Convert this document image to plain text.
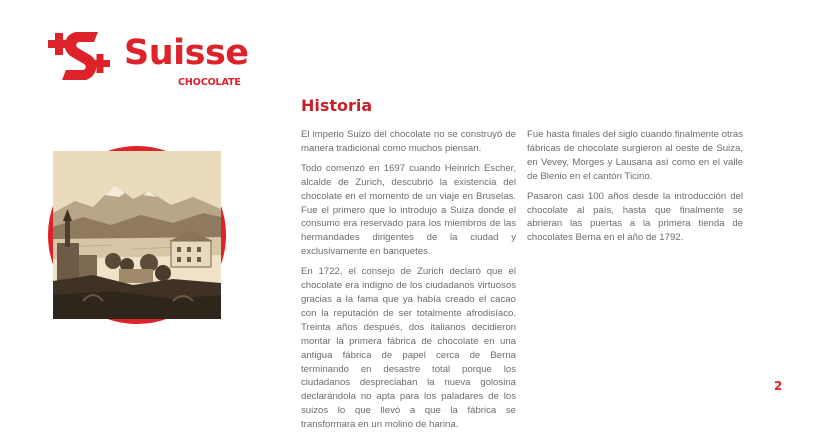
Suisse
CHOCOLATE
Historia

El imperio Suizo del chocolate no se construyó de manera tradicional como muchos piensan.

Todo comenzó en 1697 cuando Heinrich Escher, alcalde de Zurich, descubrió la existencia del chocolate en el momento de un viaje en Bruselas. Fue el primero que lo introdujo a Suiza donde el consumo era reservado para los miembros de las hermandades dirigentes de la ciudad y exclusivamente en banquetes.

En 1722, el consejo de Zurich declaró que el chocolate era indigno de los ciudadanos virtuosos gracias a la fama que ya había creado el cacao con la reputación de ser totalmente afrodisíaco. Treinta años después, dos italianos decidieron montar la primera fábrica de chocolate en una antigua fábrica de papel cerca de Berna terminando en desastre total porque los ciudadanos despreciaban la nueva golosina declarándola no apta para los paladares de los suizos lo que llevó a que la fábrica se transformara en un molino de harina.

Fue hasta finales del siglo cuando finalmente otras fábricas de chocolate surgieron al oeste de Suiza, en Vevey, Morges y Lausana así como en el valle de Blenio en el cantón Ticino.

Pasaron casi 100 años desde la introducción del chocolate al país, hasta que finalmente se abrieran las puertas a la primera tienda de chocolates Berna en el año de 1792.

2
